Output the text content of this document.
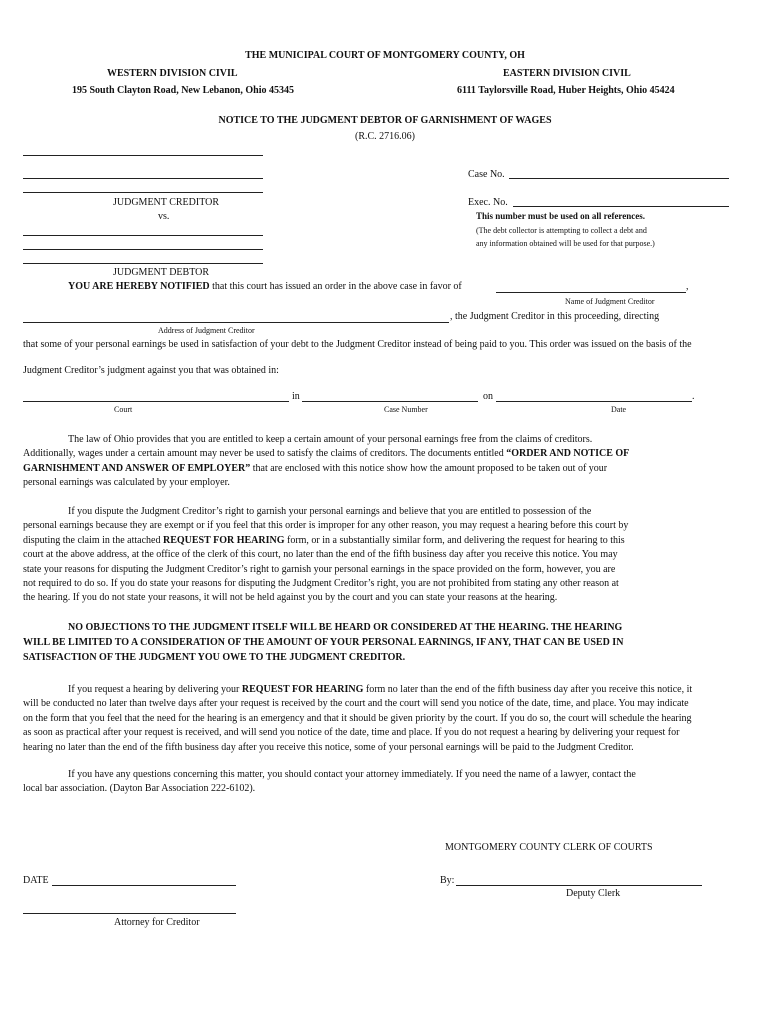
THE MUNICIPAL COURT OF MONTGOMERY COUNTY, OH
WESTERN DIVISION CIVIL
195 South Clayton Road, New Lebanon, Ohio 45345
EASTERN DIVISION CIVIL
6111 Taylorsville Road, Huber Heights, Ohio 45424
NOTICE TO THE JUDGMENT DEBTOR OF GARNISHMENT OF WAGES
(R.C. 2716.06)
JUDGMENT CREDITOR
vs.
JUDGMENT DEBTOR
Case No.
Exec. No.
This number must be used on all references.
(The debt collector is attempting to collect a debt and
any information obtained will be used for that purpose.)
YOU ARE HEREBY NOTIFIED that this court has issued an order in the above case in favor of	,
Name of Judgment Creditor
, the Judgment Creditor in this proceeding, directing
Address of Judgment Creditor
that some of your personal earnings be used in satisfaction of your debt to the Judgment Creditor instead of being paid to you. This order was issued on the basis of the
Judgment Creditor’s judgment against you that was obtained in:
in	on	.
Court	Case Number	Date

The law of Ohio provides that you are entitled to keep a certain amount of your personal earnings free from the claims of creditors.

Additionally, wages under a certain amount may never be used to satisfy the claims of creditors. The documents entitled “ORDER AND NOTICE OF

GARNISHMENT AND ANSWER OF EMPLOYER” that are enclosed with this notice show how the amount proposed to be taken out of your

personal earnings was calculated by your employer.

If you dispute the Judgment Creditor’s right to garnish your personal earnings and believe that you are entitled to possession of the

personal earnings because they are exempt or if you feel that this order is improper for any other reason, you may request a hearing before this court by

disputing the claim in the attached REQUEST FOR HEARING form, or in a substantially similar form, and delivering the request for hearing to this

court at the above address, at the office of the clerk of this court, no later than the end of the fifth business day after you receive this notice. You may

state your reasons for disputing the Judgment Creditor’s right to garnish your personal earnings in the space provided on the form, however, you are

not required to do so. If you do state your reasons for disputing the Judgment Creditor’s right, you are not prohibited from stating any other reason at

the hearing. If you do not state your reasons, it will not be held against you by the court and you can state your reasons at the hearing.

NO OBJECTIONS TO THE JUDGMENT ITSELF WILL BE HEARD OR CONSIDERED AT THE HEARING. THE HEARING

WILL BE LIMITED TO A CONSIDERATION OF THE AMOUNT OF YOUR PERSONAL EARNINGS, IF ANY, THAT CAN BE USED IN

SATISFACTION OF THE JUDGMENT YOU OWE TO THE JUDGMENT CREDITOR.

If you request a hearing by delivering your REQUEST FOR HEARING form no later than the end of the fifth business day after you receive this notice, it

will be conducted no later than twelve days after your request is received by the court and the court will send you notice of the date, time, and place. You may indicate

on the form that you feel that the need for the hearing is an emergency and that it should be given priority by the court. If you do so, the court will schedule the hearing

as soon as practical after your request is received, and will send you notice of the date, time and place. If you do not request a hearing by delivering your request for

hearing no later than the end of the fifth business day after you receive this notice, some of your personal earnings will be paid to the Judgment Creditor.

If you have any questions concerning this matter, you should contact your attorney immediately. If you need the name of a lawyer, contact the

local bar association. (Dayton Bar Association 222-6102).

MONTGOMERY COUNTY CLERK OF COURTS
DATE	By:
Deputy Clerk
Attorney for Creditor
